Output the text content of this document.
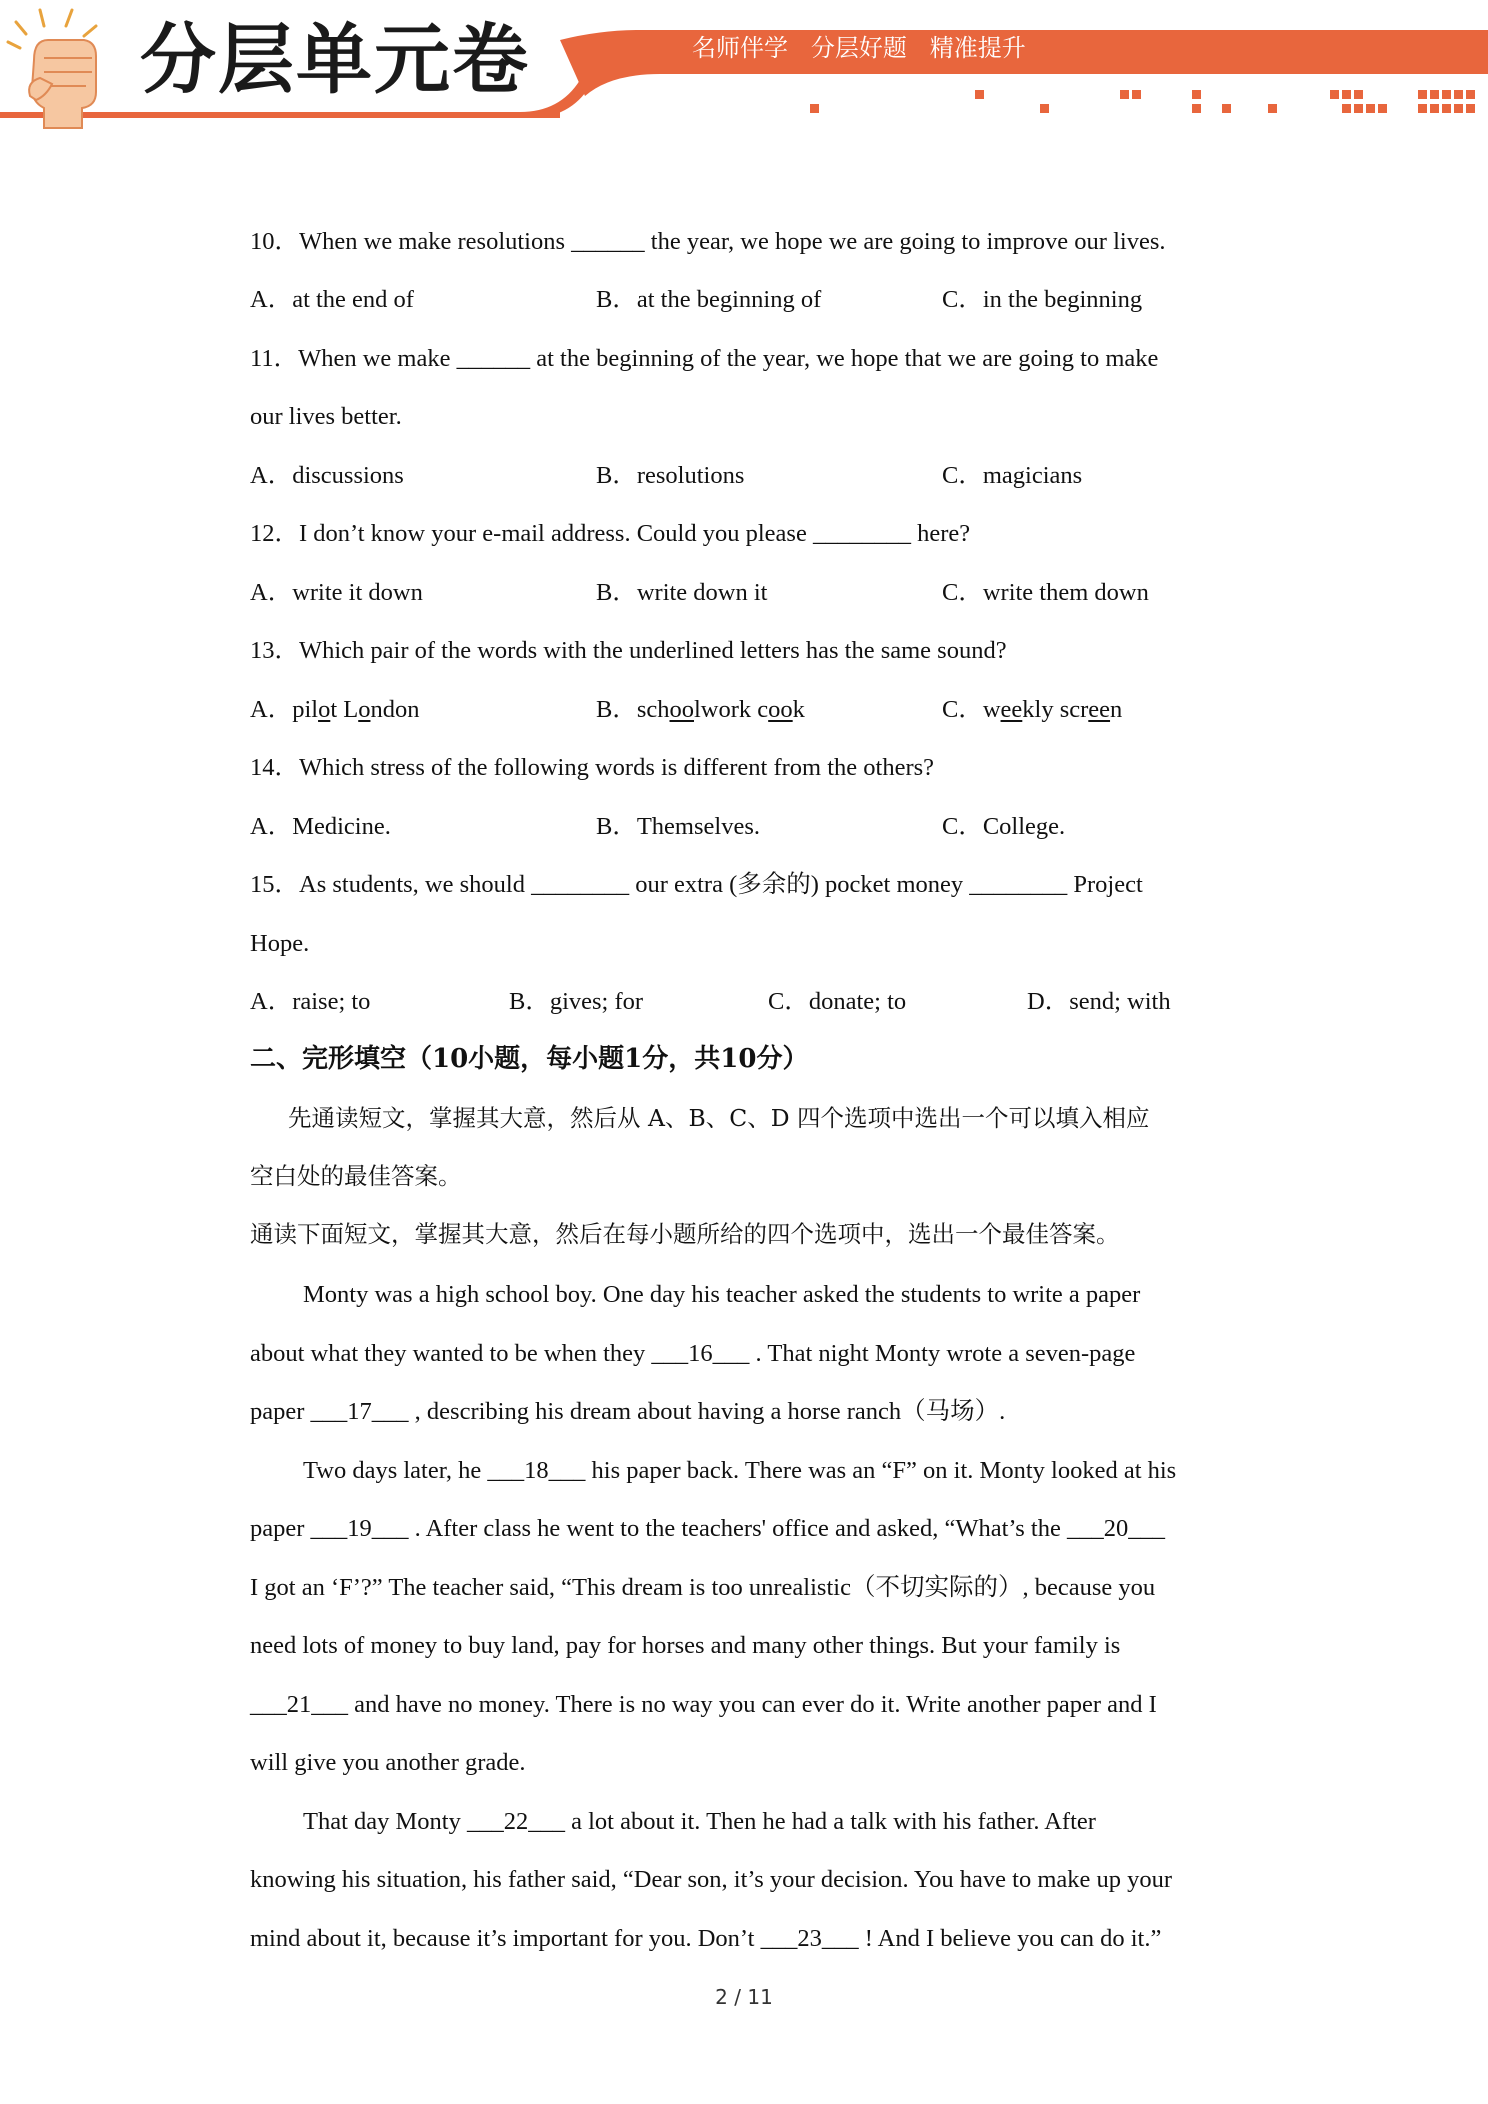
分层单元卷	名师伴学   分层好题   精准提升
10．When we make resolutions ______ the year, we hope we are going to improve our lives.
A．at the end of	B．at the beginning of	C．in the beginning
11．When we make ______ at the beginning of the year, we hope that we are going to make
our lives better.
A．discussions	B．resolutions	C．magicians
12．I don’t know your e-mail address. Could you please ________ here?
A．write it down	B．write down it	C．write them down
13．Which pair of the words with the underlined letters has the same sound?
A．pilot London	B．schoolwork cook	C．weekly screen
14．Which stress of the following words is different from the others?
A．Medicine.	B．Themselves.	C．College.
15．As students, we should ________ our extra (多余的) pocket money ________ Project
Hope.
A．raise; to	B．gives; for	C．donate; to	D．send; with
二、完形填空（10小题，每小题1分，共10分）
先通读短文，掌握其大意，然后从 A、B、C、D 四个选项中选出一个可以填入相应
空白处的最佳答案。
通读下面短文，掌握其大意，然后在每小题所给的四个选项中，选出一个最佳答案。
Monty was a high school boy. One day his teacher asked the students to write a paper
about what they wanted to be when they ___16___ . That night Monty wrote a seven-page
paper ___17___ , describing his dream about having a horse ranch（马场）.
Two days later, he ___18___ his paper back. There was an “F” on it. Monty looked at his
paper ___19___ . After class he went to the teachers' office and asked, “What’s the ___20___
I got an ‘F’?” The teacher said, “This dream is too unrealistic（不切实际的）, because you
need lots of money to buy land, pay for horses and many other things. But your family is
___21___ and have no money. There is no way you can ever do it. Write another paper and I
will give you another grade.
That day Monty ___22___ a lot about it. Then he had a talk with his father. After
knowing his situation, his father said, “Dear son, it’s your decision. You have to make up your
mind about it, because it’s important for you. Don’t ___23___ ! And I believe you can do it.”
2 / 11
